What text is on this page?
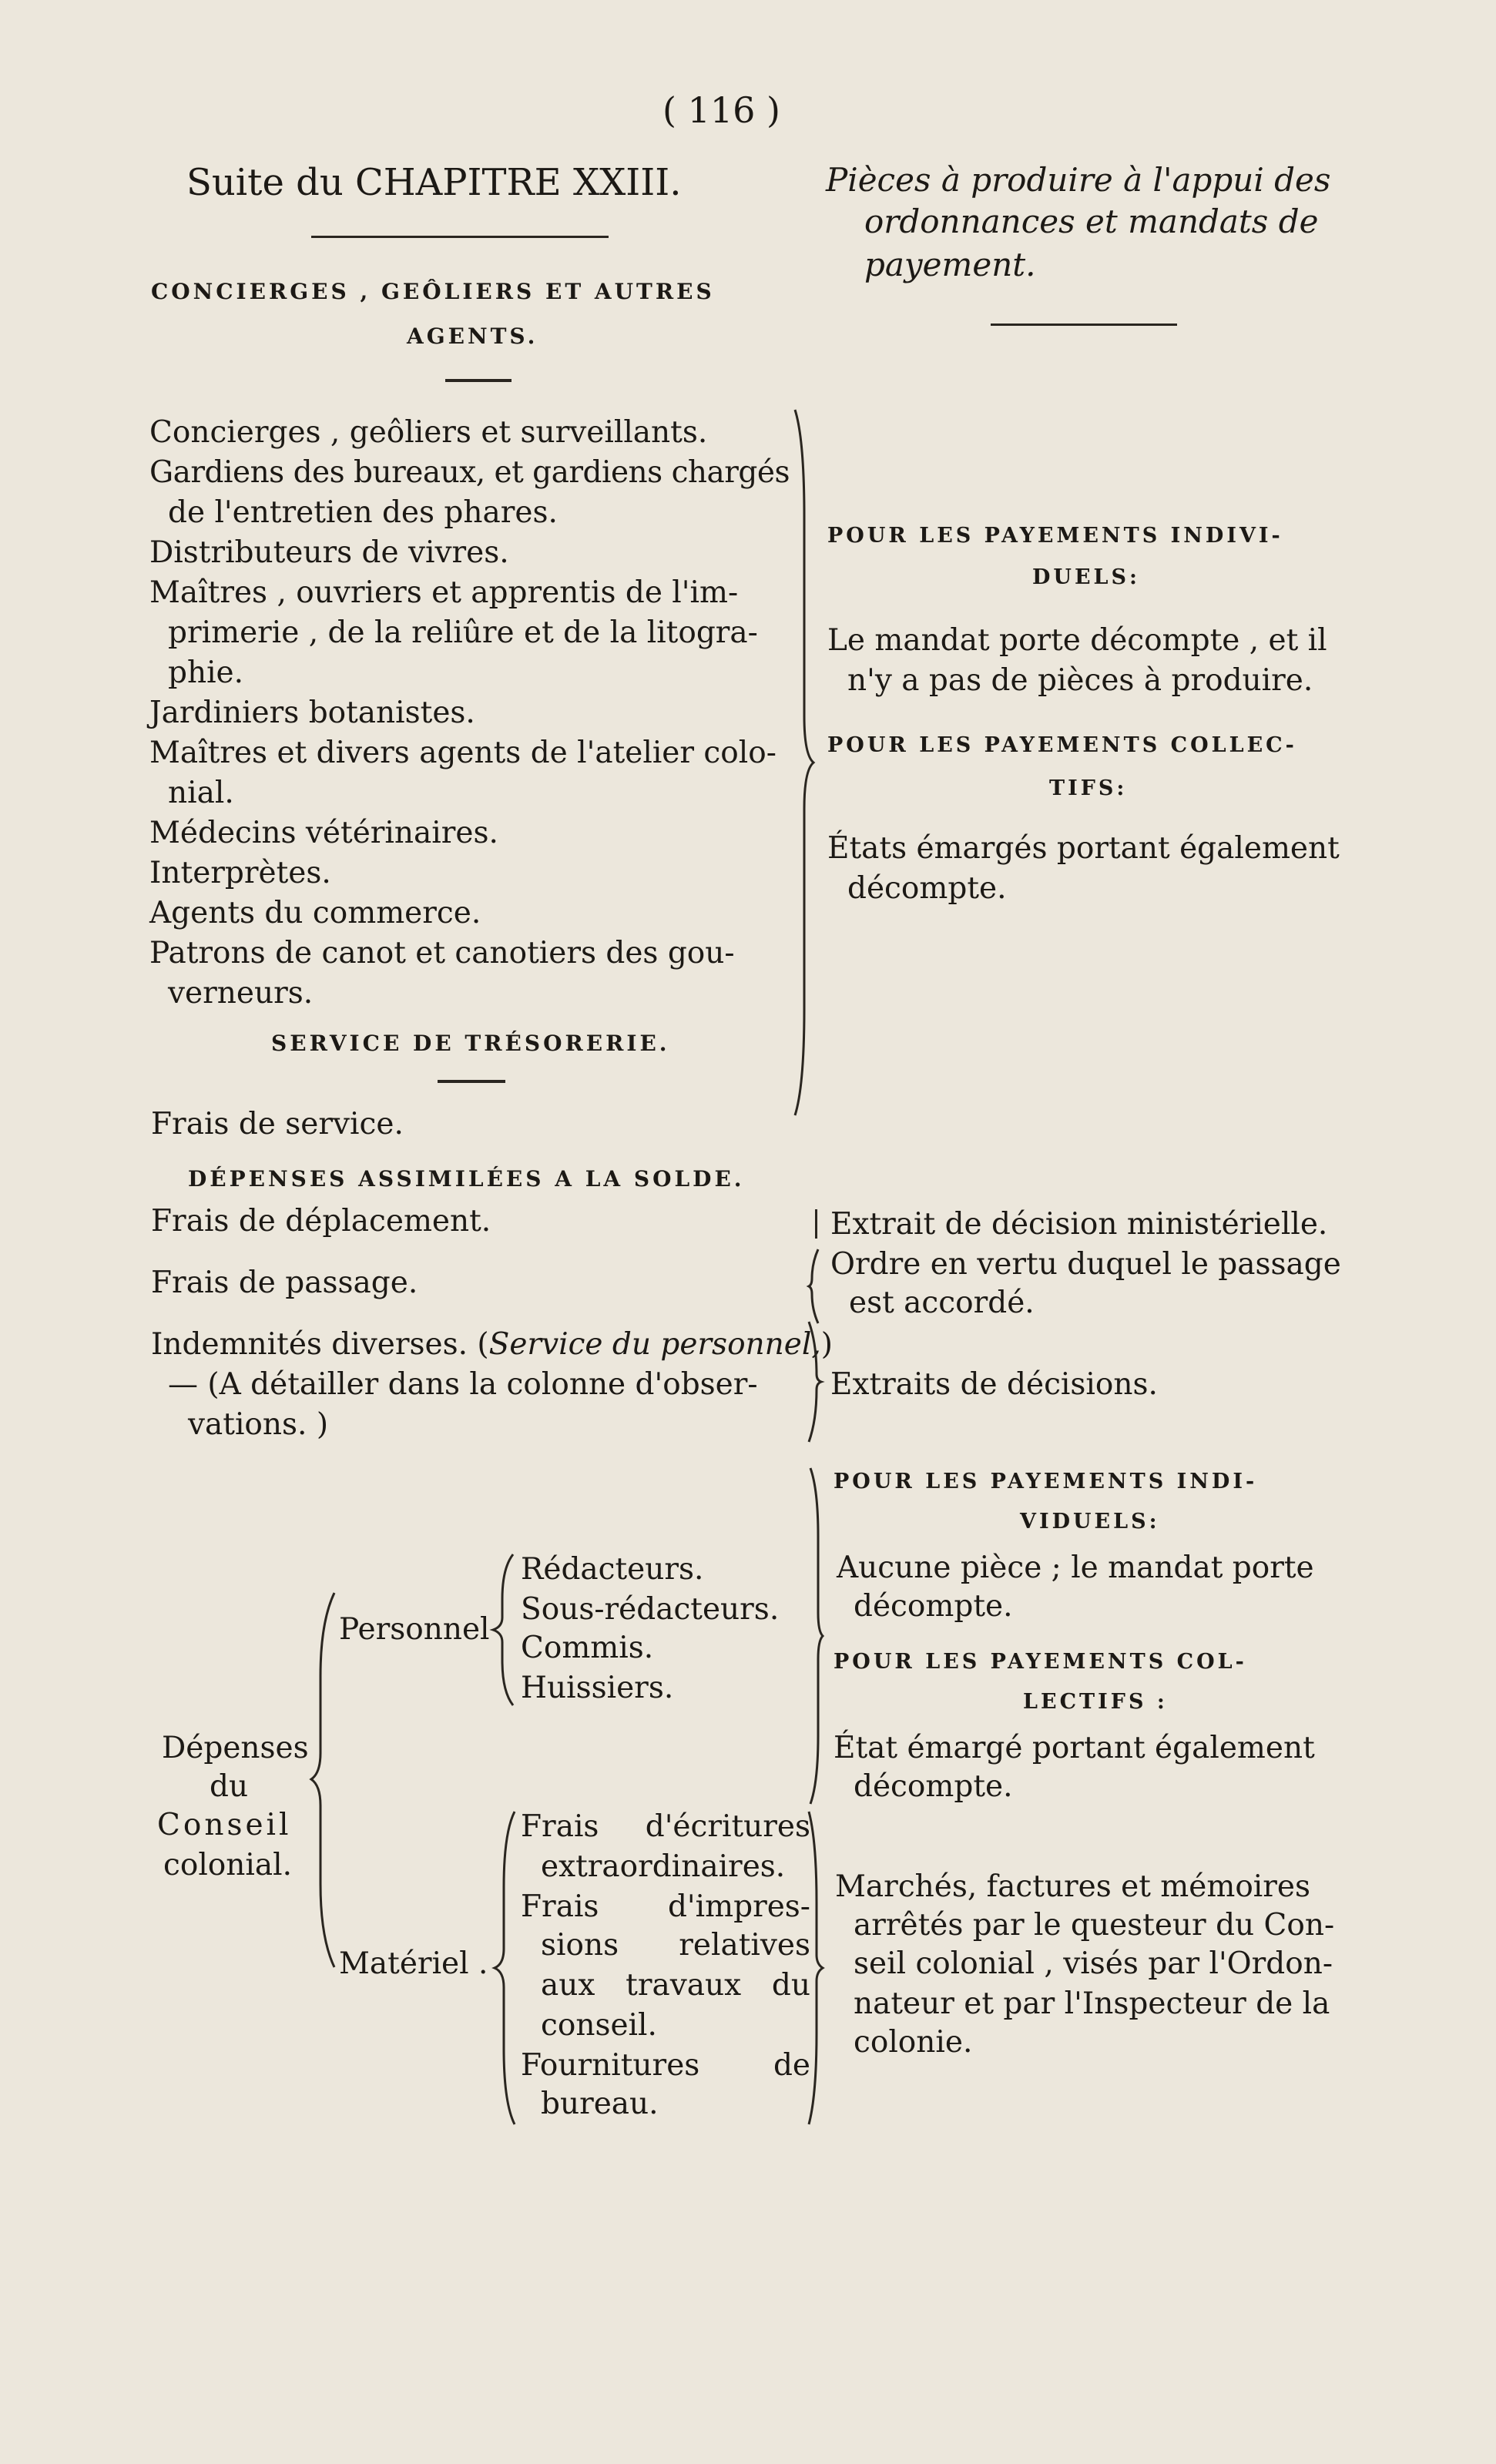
( 116 )
Suite du CHAPITRE XXIII.	Pièces à produire à l'appui des
ordonnances et mandats de
payement.
CONCIERGES , GEÔLIERS ET AUTRES
AGENTS.
Concierges , geôliers et surveillants.
Gardiens des bureaux, et gardiens chargés
de l'entretien des phares.
Distributeurs de vivres.
Maîtres , ouvriers et apprentis de l'im-
primerie , de la reliûre et de la litogra-
phie.
Jardiniers botanistes.
Maîtres et divers agents de l'atelier colo-
nial.
Médecins vétérinaires.
Interprètes.
Agents du commerce.
Patrons de canot et canotiers des gou-
verneurs.
POUR LES PAYEMENTS INDIVI-
DUELS:
Le mandat porte décompte , et il
n'y a pas de pièces à produire.
POUR LES PAYEMENTS COLLEC-
TIFS:
États émargés portant également
décompte.
SERVICE DE TRÉSORERIE.
Frais de service.
DÉPENSES ASSIMILÉES A LA SOLDE.
Frais de déplacement.	Extrait de décision ministérielle.
Frais de passage.
Ordre en vertu duquel le passage
est accordé.
Indemnités diverses. (Service du personnel,)
— (A détailler dans la colonne d'obser-
vations. )
Extraits de décisions.
Dépenses
du
Conseil
colonial.
Personnel
Rédacteurs.
Sous-rédacteurs.
Commis.
Huissiers.
Matériel .
Frais d'écritures
extraordinaires.
Frais d'impres-
sions relatives
aux travaux du
conseil.
Fournitures de
bureau.
POUR LES PAYEMENTS INDI-
VIDUELS:
Aucune pièce ; le mandat porte
décompte.
POUR LES PAYEMENTS COL-
LECTIFS :
État émargé portant également
décompte.
Marchés, factures et mémoires
arrêtés par le questeur du Con-
seil colonial , visés par l'Ordon-
nateur et par l'Inspecteur de la
colonie.
